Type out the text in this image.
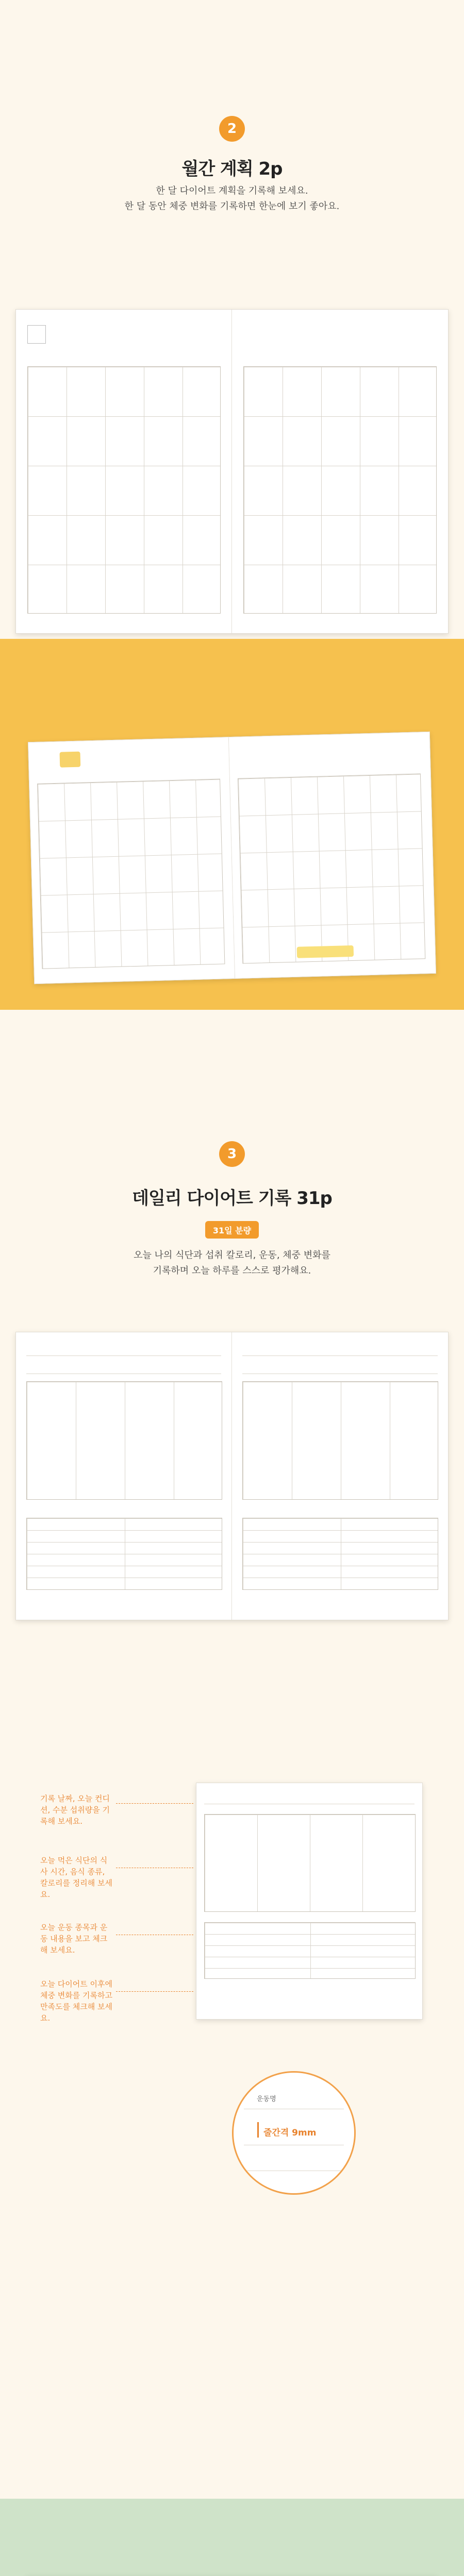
2
월간 계획 2p
한 달 다이어트 계획을 기록해 보세요.
한 달 동안 체중 변화를 기록하면 한눈에 보기 좋아요.
3
데일리 다이어트 기록 31p
31일 분량
오늘 나의 식단과 섭취 칼로리, 운동, 체중 변화를
기록하며 오늘 하루를 스스로 평가해요.
기록 날짜, 오늘 컨디션, 수분 섭취량을 기록해 보세요.
오늘 먹은 식단의 식사 시간, 음식 종류, 칼로리를 정리해 보세요.
오늘 운동 종목과 운동 내용을 보고 체크해 보세요.
오늘 다이어트 이후에 체중 변화를 기록하고 만족도를 체크해 보세요.
운동명
줄간격 9mm
